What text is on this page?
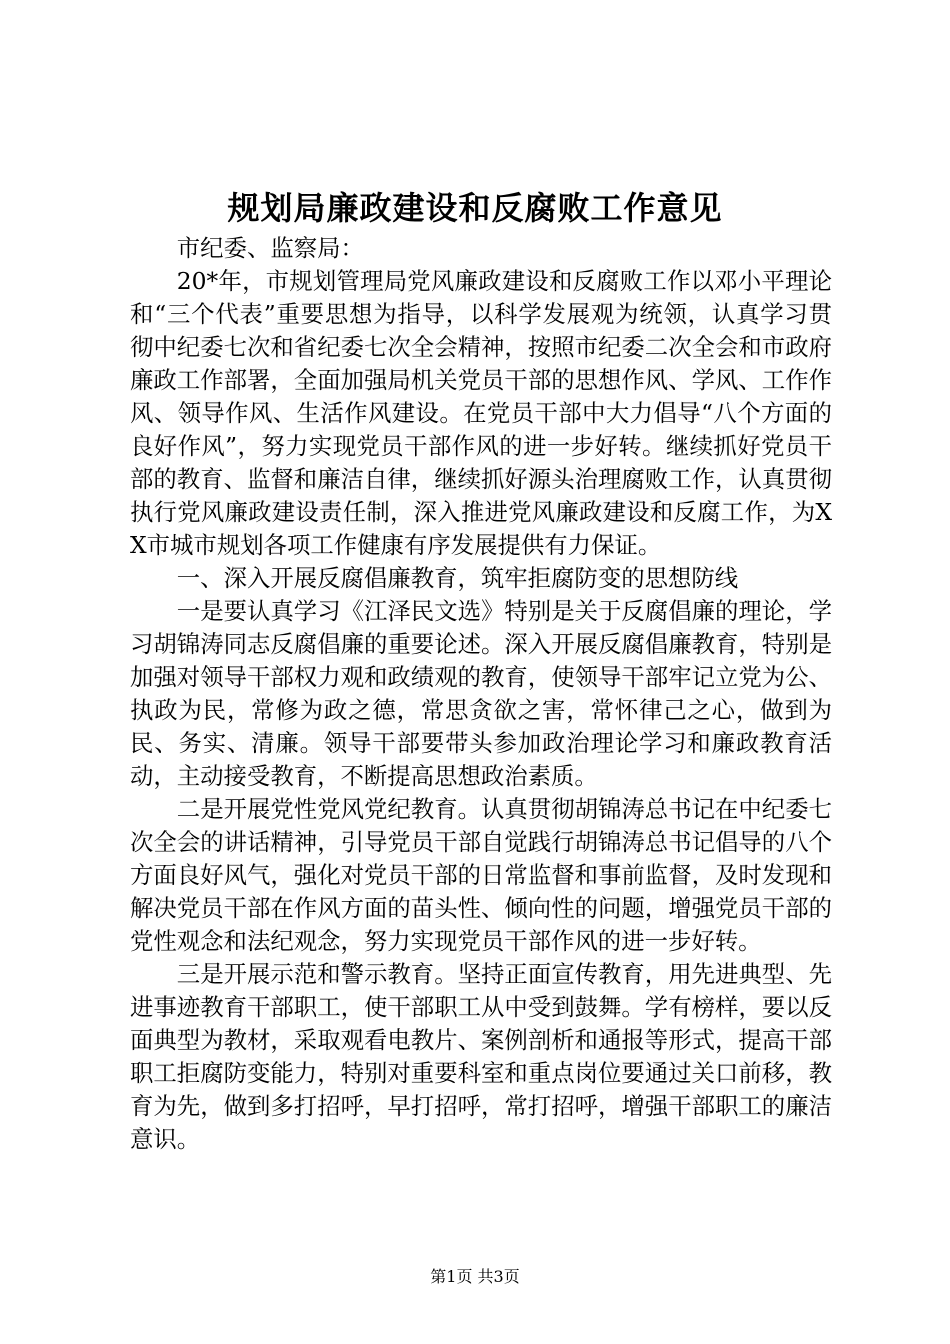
规划局廉政建设和反腐败工作意见

市纪委、监察局：

20*年，市规划管理局党风廉政建设和反腐败工作以邓小平理论和“三个代表”重要思想为指导，以科学发展观为统领，认真学习贯彻中纪委七次和省纪委七次全会精神，按照市纪委二次全会和市政府廉政工作部署，全面加强局机关党员干部的思想作风、学风、工作作风、领导作风、生活作风建设。在党员干部中大力倡导“八个方面的良好作风”，努力实现党员干部作风的进一步好转。继续抓好党员干部的教育、监督和廉洁自律，继续抓好源头治理腐败工作，认真贯彻执行党风廉政建设责任制，深入推进党风廉政建设和反腐工作，为XX市城市规划各项工作健康有序发展提供有力保证。

一、深入开展反腐倡廉教育，筑牢拒腐防变的思想防线

一是要认真学习《江泽民文选》特别是关于反腐倡廉的理论，学习胡锦涛同志反腐倡廉的重要论述。深入开展反腐倡廉教育，特别是加强对领导干部权力观和政绩观的教育，使领导干部牢记立党为公、执政为民，常修为政之德，常思贪欲之害，常怀律己之心，做到为民、务实、清廉。领导干部要带头参加政治理论学习和廉政教育活动，主动接受教育，不断提高思想政治素质。

二是开展党性党风党纪教育。认真贯彻胡锦涛总书记在中纪委七次全会的讲话精神，引导党员干部自觉践行胡锦涛总书记倡导的八个方面良好风气，强化对党员干部的日常监督和事前监督，及时发现和解决党员干部在作风方面的苗头性、倾向性的问题，增强党员干部的党性观念和法纪观念，努力实现党员干部作风的进一步好转。

三是开展示范和警示教育。坚持正面宣传教育，用先进典型、先进事迹教育干部职工，使干部职工从中受到鼓舞。学有榜样，要以反面典型为教材，采取观看电教片、案例剖析和通报等形式，提高干部职工拒腐防变能力，特别对重要科室和重点岗位要通过关口前移，教育为先，做到多打招呼，早打招呼，常打招呼，增强干部职工的廉洁意识。

第1页 共3页
